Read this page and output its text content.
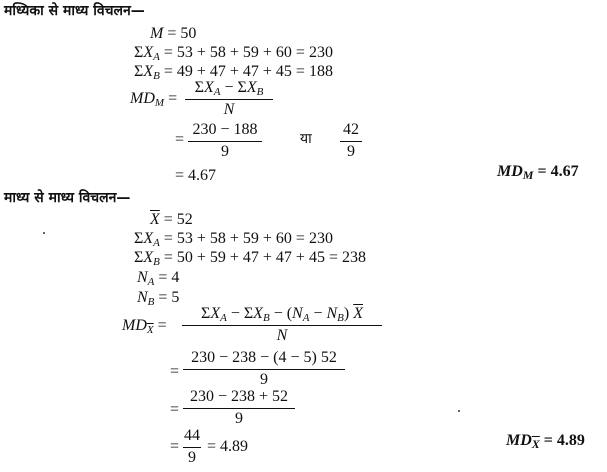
मध्यिका से माध्य विचलन—
M = 50
$\Sigma X_A = 53 + 58 + 59 + 60 = 230$
$\Sigma X_B = 49 + 47 + 47 + 45 = 188$
$MD_M$ =
$\Sigma X_A - \Sigma X_B$
N
=
230 − 188
9
या
42
9
= 4.67	$MD_M = 4.67$
माध्य से माध्य विचलन—
$\overline{X} = 52$
$\Sigma X_A = 53 + 58 + 59 + 60 = 230$
$\Sigma X_B = 50 + 59 + 47 + 47 + 45 = 238$
$N_A = 4$
$N_B = 5$
$MD_{\overline{X}}$ =
$\Sigma X_A - \Sigma X_B - (N_A - N_B)$ $\overline{X}$
N
=
230 − 238 − (4 − 5) 52
9
=
230 − 238 + 52
9
=
44
9
= 4.89	$MD_{\overline{X}} = 4.89$
